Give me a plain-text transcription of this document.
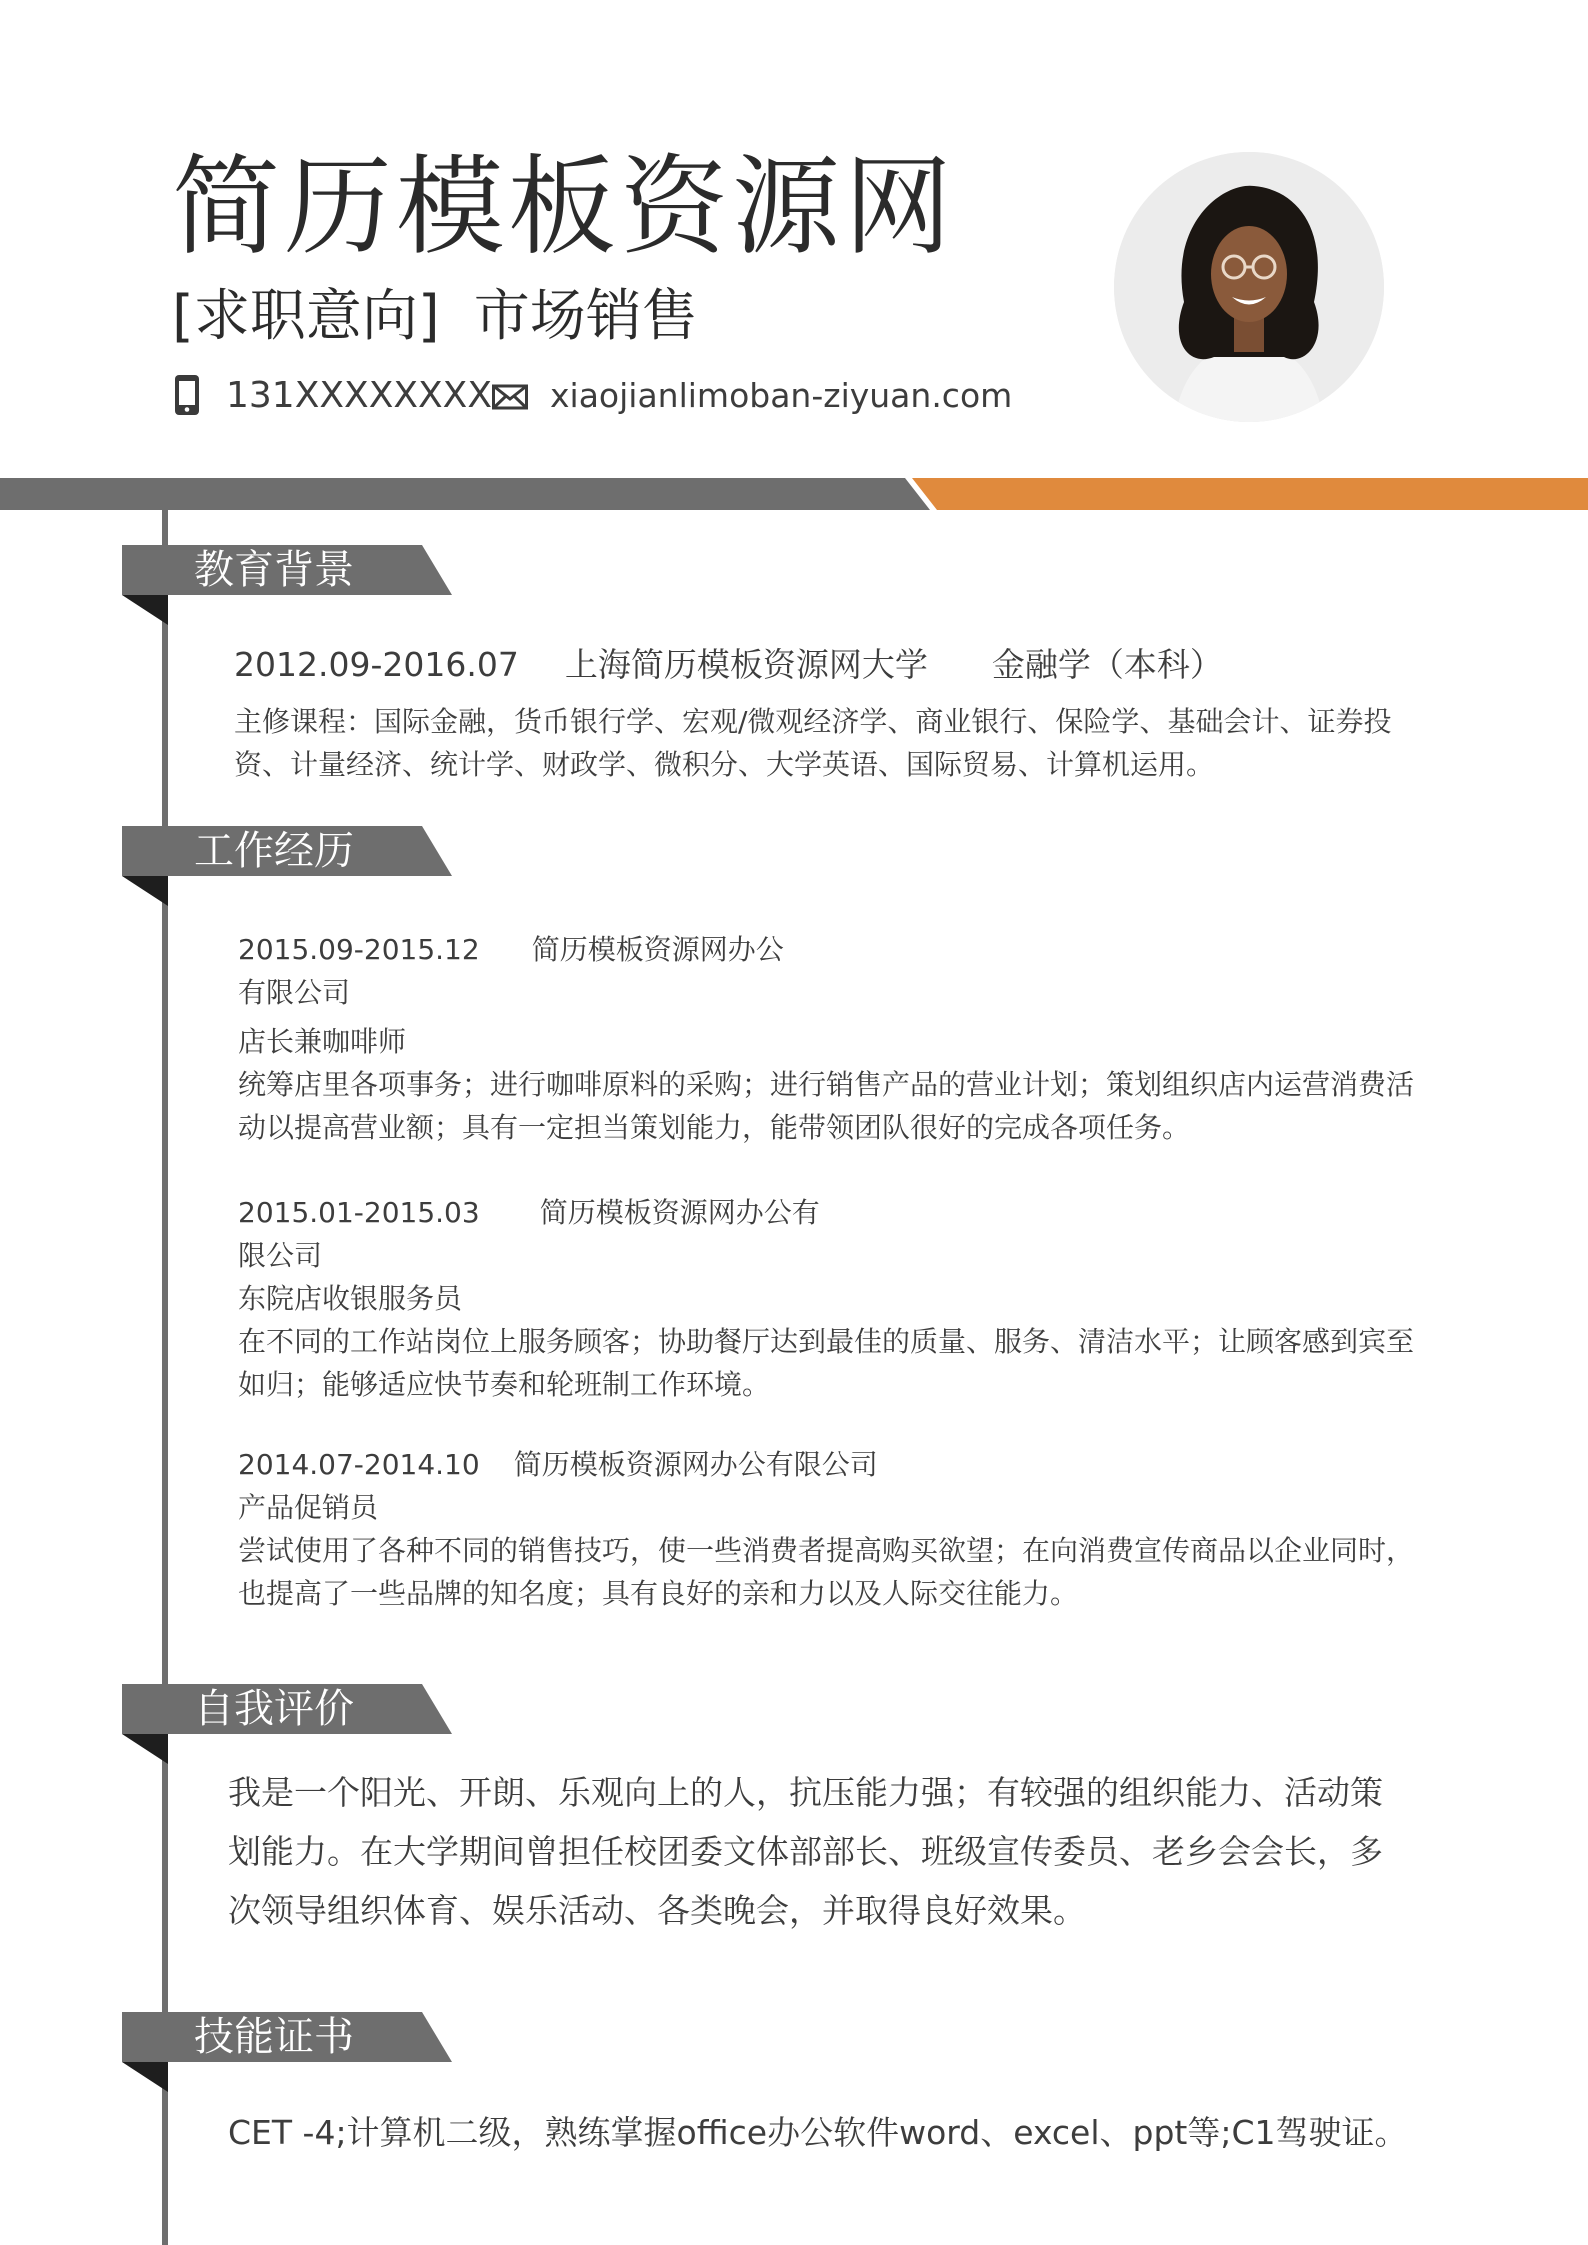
简历模板资源网
[求职意向] 市场销售
131XXXXXXXX xiaojianlimoban-ziyuan.com
教育背景
2012.09-2016.07 上海简历模板资源网大学 金融学（本科）
主修课程：国际金融，货币银行学、宏观/微观经济学、商业银行、保险学、基础会计、证券投
资、计量经济、统计学、财政学、微积分、大学英语、国际贸易、计算机运用。
工作经历
2015.09-2015.12 简历模板资源网办公
有限公司
店长兼咖啡师
统筹店里各项事务；进行咖啡原料的采购；进行销售产品的营业计划；策划组织店内运营消费活
动以提高营业额；具有一定担当策划能力，能带领团队很好的完成各项任务。
2015.01-2015.03 简历模板资源网办公有
限公司
东院店收银服务员
在不同的工作站岗位上服务顾客；协助餐厅达到最佳的质量、服务、清洁水平；让顾客感到宾至
如归；能够适应快节奏和轮班制工作环境。
2014.07-2014.10 简历模板资源网办公有限公司
产品促销员
尝试使用了各种不同的销售技巧，使一些消费者提高购买欲望；在向消费宣传商品以企业同时，
也提高了一些品牌的知名度；具有良好的亲和力以及人际交往能力。
自我评价
我是一个阳光、开朗、乐观向上的人，抗压能力强；有较强的组织能力、活动策
划能力。在大学期间曾担任校团委文体部部长、班级宣传委员、老乡会会长，多
次领导组织体育、娱乐活动、各类晚会，并取得良好效果。
技能证书
CET -4;计算机二级，熟练掌握office办公软件word、excel、ppt等;C1驾驶证。
